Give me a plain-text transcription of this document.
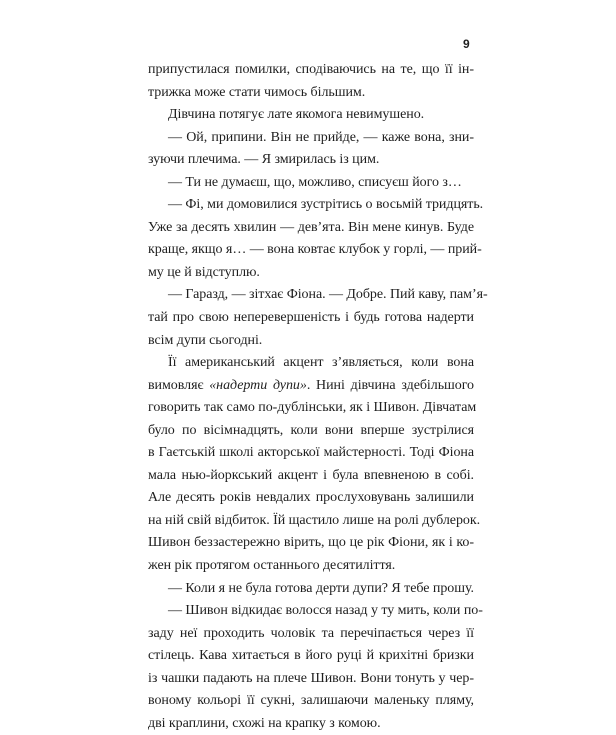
9
припустилася помилки, сподіваючись на те, що її ін-
трижка може стати чимось більшим.
Дівчина потягує лате якомога невимушено.
— Ой, припини. Він не прийде, — каже вона, зни-
зуючи плечима. — Я змирилась із цим.
— Ти не думаєш, що, можливо, списуєш його з…
— Фі, ми домовилися зустрітись о восьмій тридцять.
Уже за десять хвилин — дев’ята. Він мене кинув. Буде
краще, якщо я… — вона ковтає клубок у горлі, — прий-
му це й відступлю.
— Гаразд, — зітхає Фіона. — Добре. Пий каву, пам’я-
тай про свою неперевершеність і будь готова надерти
всім дупи сьогодні.
Її американський акцент з’являється, коли вона
вимовляє «надерти дупи». Нині дівчина здебільшого
говорить так само по-дублінськи, як і Шивон. Дівчатам
було по вісімнадцять, коли вони вперше зустрілися
в Гаєтській школі акторської майстерності. Тоді Фіона
мала нью-йоркський акцент і була впевненою в собі.
Але десять років невдалих прослуховувань залишили
на ній свій відбиток. Їй щастило лише на ролі дублерок.
Шивон беззастережно вірить, що це рік Фіони, як і ко-
жен рік протягом останнього десятиліття.
— Коли я не була готова дерти дупи? Я тебе прошу.
— Шивон відкидає волосся назад у ту мить, коли по-
заду неї проходить чоловік та перечіпається через її
стілець. Кава хитається в його руці й крихітні бризки
із чашки падають на плече Шивон. Вони тонуть у чер-
воному кольорі її сукні, залишаючи маленьку пляму,
дві краплини, схожі на крапку з комою.
